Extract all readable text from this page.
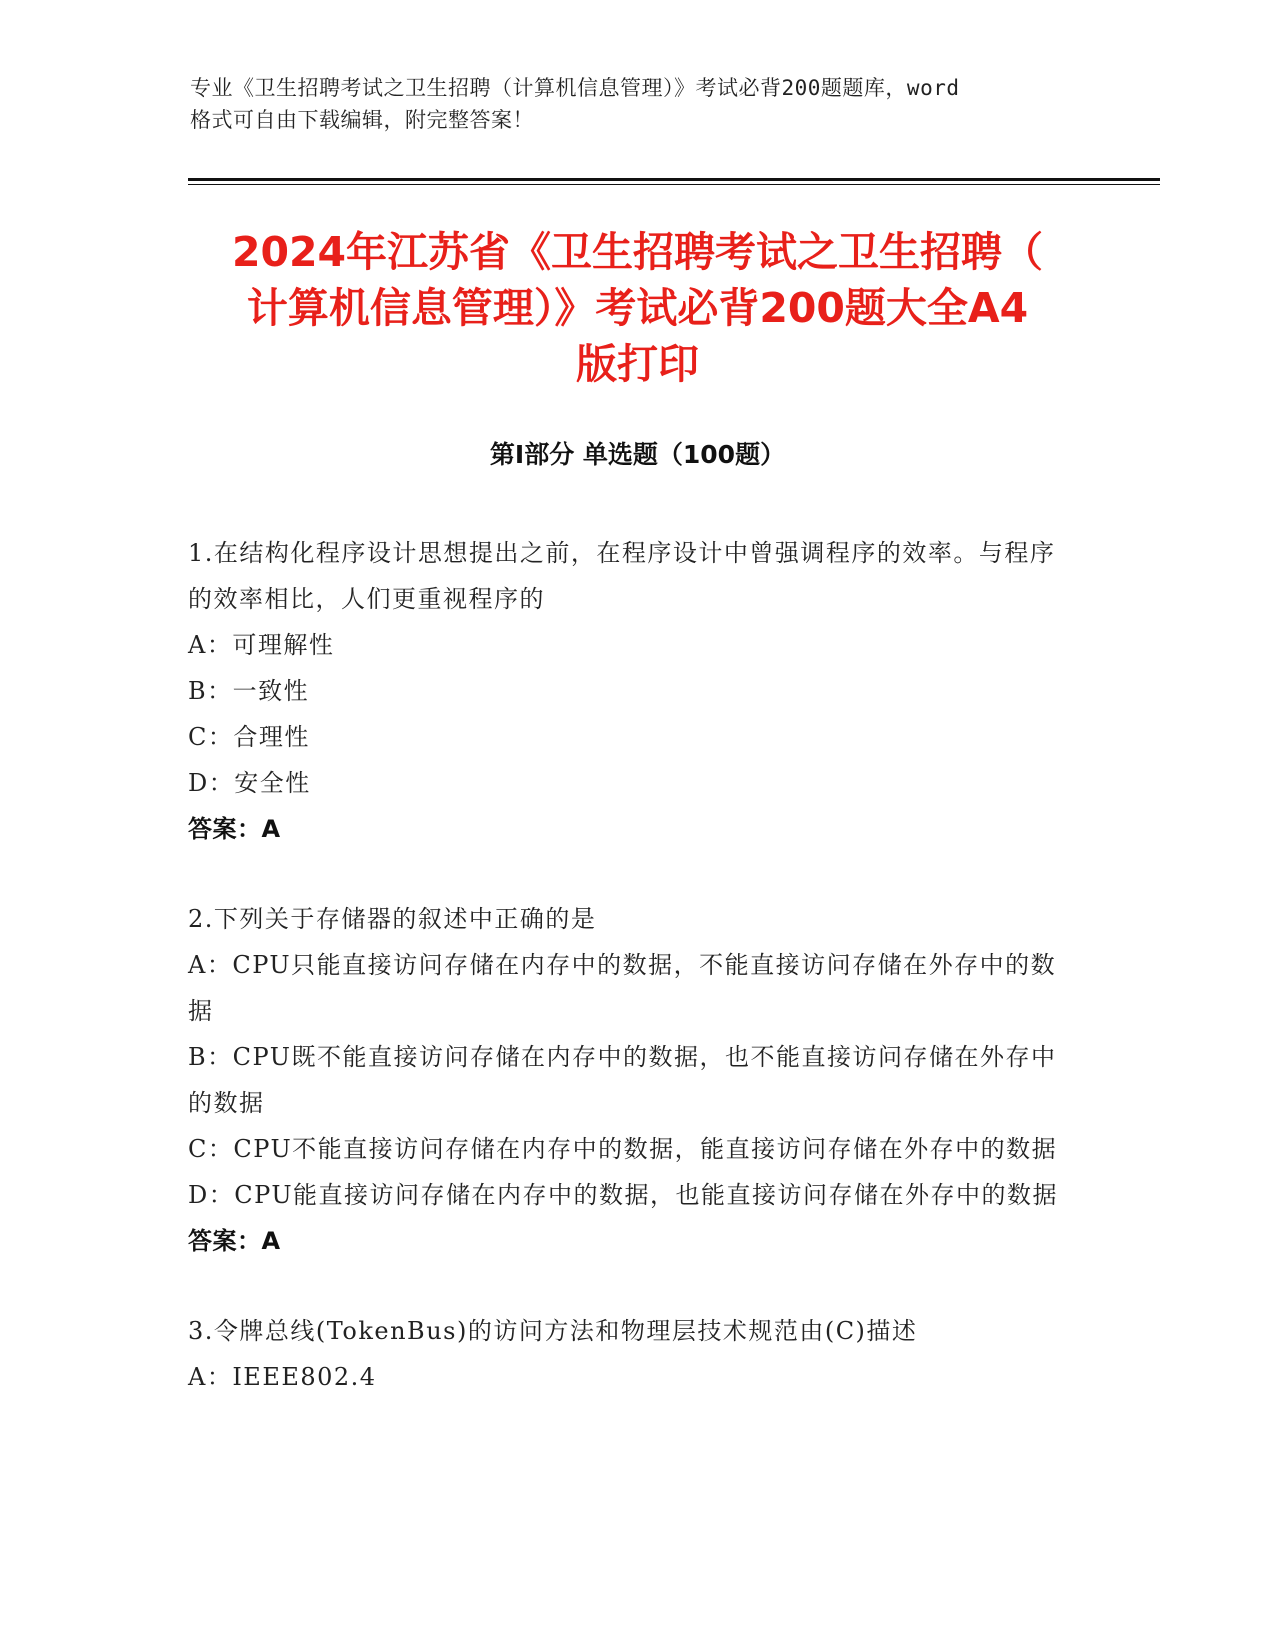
专业《卫生招聘考试之卫生招聘（计算机信息管理）》考试必背200题题库，word
格式可自由下载编辑，附完整答案！
2024年江苏省《卫生招聘考试之卫生招聘（
计算机信息管理）》考试必背200题大全A4
版打印
第Ⅰ部分 单选题（100题）

1.在结构化程序设计思想提出之前，在程序设计中曾强调程序的效率。与程序的效率相比，人们更重视程序的

A：可理解性

B：一致性

C：合理性

D：安全性

答案：A

2.下列关于存储器的叙述中正确的是

A：CPU只能直接访问存储在内存中的数据，不能直接访问存储在外存中的数据

B：CPU既不能直接访问存储在内存中的数据，也不能直接访问存储在外存中的数据

C：CPU不能直接访问存储在内存中的数据，能直接访问存储在外存中的数据

D：CPU能直接访问存储在内存中的数据，也能直接访问存储在外存中的数据

答案：A

3.令牌总线(TokenBus)的访问方法和物理层技术规范由(C)描述

A：IEEE802.4
